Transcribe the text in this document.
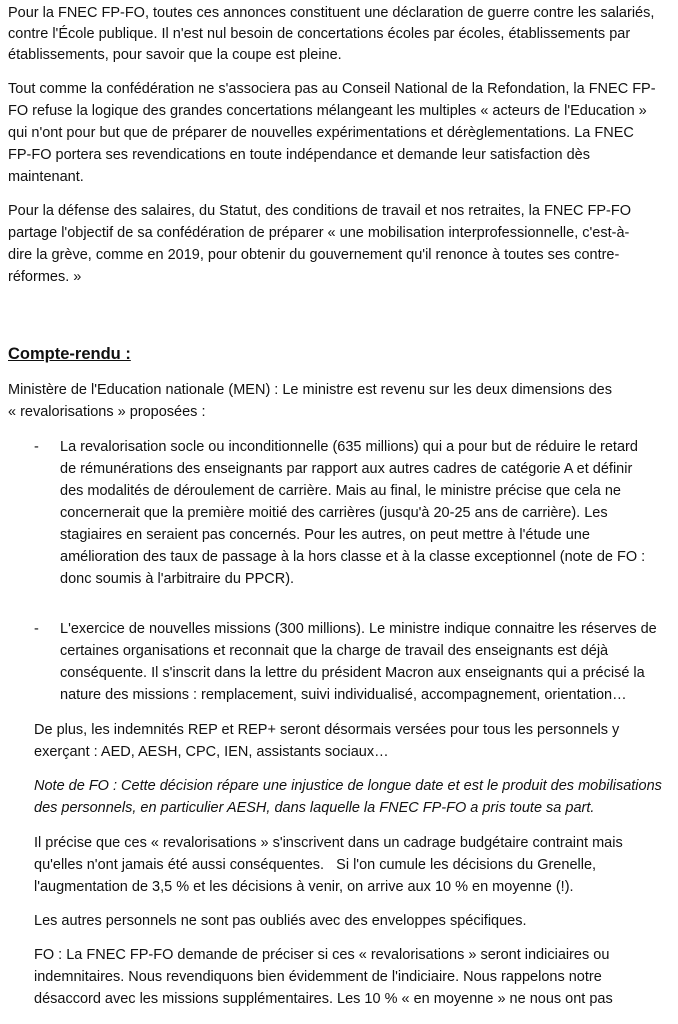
Pour la FNEC FP-FO, toutes ces annonces constituent une déclaration de guerre contre les salariés,
contre l'École publique. Il n'est nul besoin de concertations écoles par écoles, établissements par
établissements, pour savoir que la coupe est pleine.
Tout comme la confédération ne s'associera pas au Conseil National de la Refondation, la FNEC FP-
FO refuse la logique des grandes concertations mélangeant les multiples « acteurs de l'Education »
qui n'ont pour but que de préparer de nouvelles expérimentations et dérèglementations. La FNEC
FP-FO portera ses revendications en toute indépendance et demande leur satisfaction dès
maintenant.
Pour la défense des salaires, du Statut, des conditions de travail et nos retraites, la FNEC FP-FO
partage l'objectif de sa confédération de préparer « une mobilisation interprofessionnelle, c'est-à-
dire la grève, comme en 2019, pour obtenir du gouvernement qu'il renonce à toutes ses contre-
réformes. »
Compte-rendu :
Ministère de l'Education nationale (MEN) : Le ministre est revenu sur les deux dimensions des
« revalorisations » proposées :
- La revalorisation socle ou inconditionnelle (635 millions) qui a pour but de réduire le retard
de rémunérations des enseignants par rapport aux autres cadres de catégorie A et définir
des modalités de déroulement de carrière. Mais au final, le ministre précise que cela ne
concernerait que la première moitié des carrières (jusqu'à 20-25 ans de carrière). Les
stagiaires en seraient pas concernés. Pour les autres, on peut mettre à l'étude une
amélioration des taux de passage à la hors classe et à la classe exceptionnel (note de FO :
donc soumis à l'arbitraire du PPCR).
- L'exercice de nouvelles missions (300 millions). Le ministre indique connaitre les réserves de
certaines organisations et reconnait que la charge de travail des enseignants est déjà
conséquente. Il s'inscrit dans la lettre du président Macron aux enseignants qui a précisé la
nature des missions : remplacement, suivi individualisé, accompagnement, orientation…
De plus, les indemnités REP et REP+ seront désormais versées pour tous les personnels y
exerçant : AED, AESH, CPC, IEN, assistants sociaux…
Note de FO : Cette décision répare une injustice de longue date et est le produit des mobilisations
des personnels, en particulier AESH, dans laquelle la FNEC FP-FO a pris toute sa part.
Il précise que ces « revalorisations » s'inscrivent dans un cadrage budgétaire contraint mais
qu'elles n'ont jamais été aussi conséquentes.   Si l'on cumule les décisions du Grenelle,
l'augmentation de 3,5 % et les décisions à venir, on arrive aux 10 % en moyenne (!).
Les autres personnels ne sont pas oubliés avec des enveloppes spécifiques.
FO : La FNEC FP-FO demande de préciser si ces « revalorisations » seront indiciaires ou
indemnitaires. Nous revendiquons bien évidemment de l'indiciaire. Nous rappelons notre
désaccord avec les missions supplémentaires. Les 10 % « en moyenne » ne nous ont pas
